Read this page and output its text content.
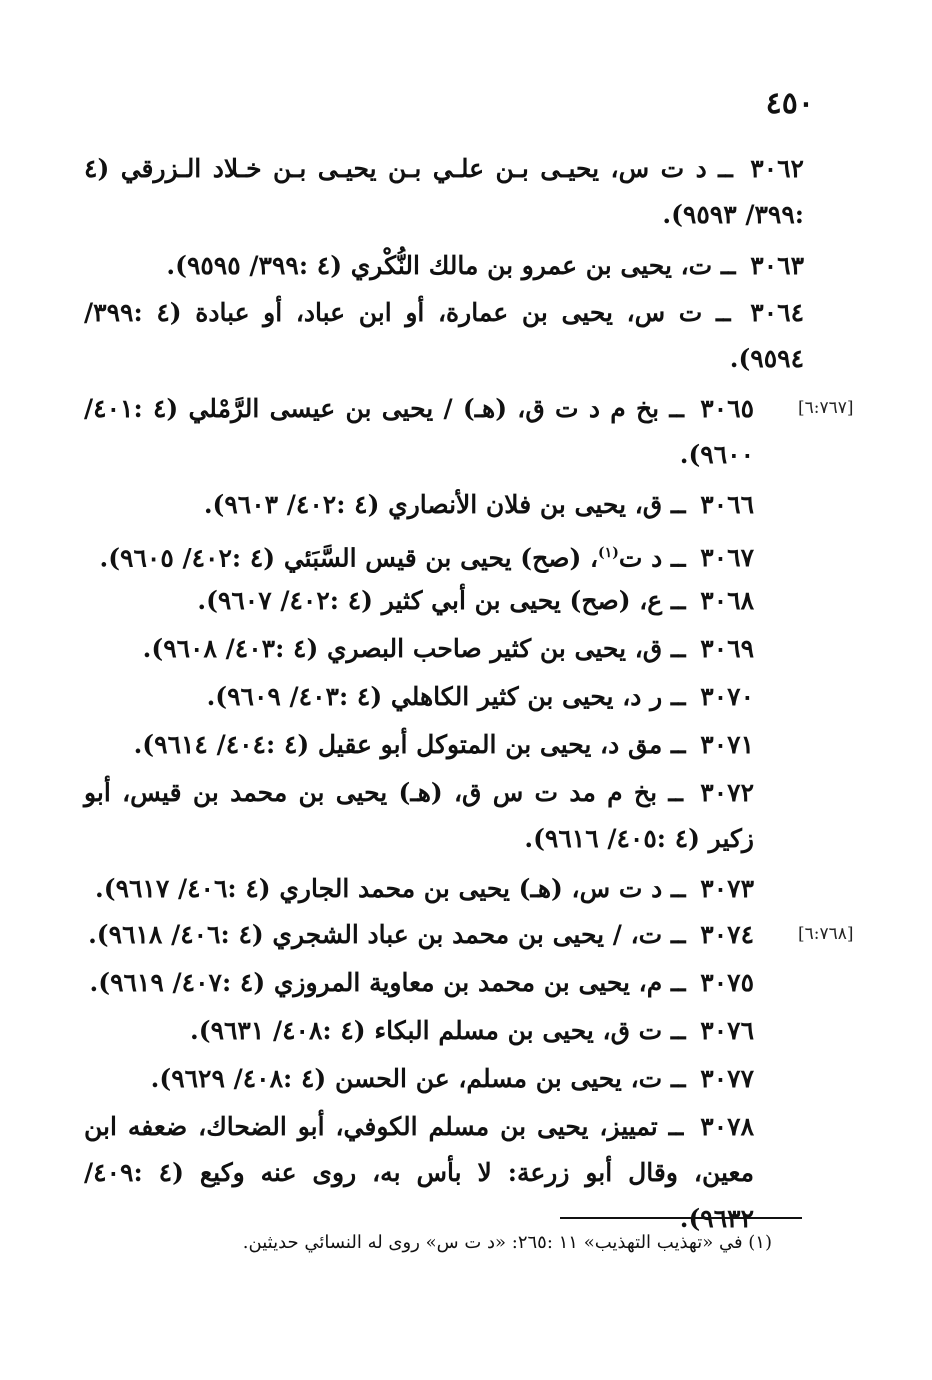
٤٥٠
٣٠٦٢ ــ د ت س، يحيـى بـن علـي بـن يحيـى بـن خـلاد الـزرقي (٤ :٣٩٩/ ٩٥٩٣).
٣٠٦٣ ــ ت، يحيى بن عمرو بن مالك النُّكْري (٤ :٣٩٩/ ٩٥٩٥).
٣٠٦٤ ــ ت س، يحيى بن عمارة، أو ابن عباد، أو عبادة (٤ :٣٩٩/ ٩٥٩٤).
[٦:٧٦٧]
٣٠٦٥ ــ بخ م د ت ق، (هـ) / يحيى بن عيسى الرَّمْلي (٤ :٤٠١/ ٩٦٠٠).
٣٠٦٦ ــ ق، يحيى بن فلان الأنصاري (٤ :٤٠٢/ ٩٦٠٣).
٣٠٦٧ ــ د ت$^{(١)}$، (صح) يحيى بن قيس السَّبَئي (٤ :٤٠٢/ ٩٦٠٥).
٣٠٦٨ ــ ع، (صح) يحيى بن أبي كثير (٤ :٤٠٢/ ٩٦٠٧).
٣٠٦٩ ــ ق، يحيى بن كثير صاحب البصري (٤ :٤٠٣/ ٩٦٠٨).
٣٠٧٠ ــ ر د، يحيى بن كثير الكاهلي (٤ :٤٠٣/ ٩٦٠٩).
٣٠٧١ ــ مق د، يحيى بن المتوكل أبو عقيل (٤ :٤٠٤/ ٩٦١٤).
٣٠٧٢ ــ بخ م مد ت س ق، (هـ) يحيى بن محمد بن قيس، أبو زكير (٤ :٤٠٥/ ٩٦١٦).
٣٠٧٣ ــ د ت س، (هـ) يحيى بن محمد الجاري (٤ :٤٠٦/ ٩٦١٧).
[٦:٧٦٨]
٣٠٧٤ ــ ت، / يحيى بن محمد بن عباد الشجري (٤ :٤٠٦/ ٩٦١٨).
٣٠٧٥ ــ م، يحيى بن محمد بن معاوية المروزي (٤ :٤٠٧/ ٩٦١٩).
٣٠٧٦ ــ ت ق، يحيى بن مسلم البكاء (٤ :٤٠٨/ ٩٦٣١).
٣٠٧٧ ــ ت، يحيى بن مسلم، عن الحسن (٤ :٤٠٨/ ٩٦٢٩).
٣٠٧٨ ــ تمييز، يحيى بن مسلم الكوفي، أبو الضحاك، ضعفه ابن معين، وقال أبو زرعة: لا بأس به، روى عنه وكيع (٤ :٤٠٩/ ٩٦٣٢).
(١) في «تهذيب التهذيب» ١١ :٢٦٥: «د ت س» روى له النسائي حديثين.
